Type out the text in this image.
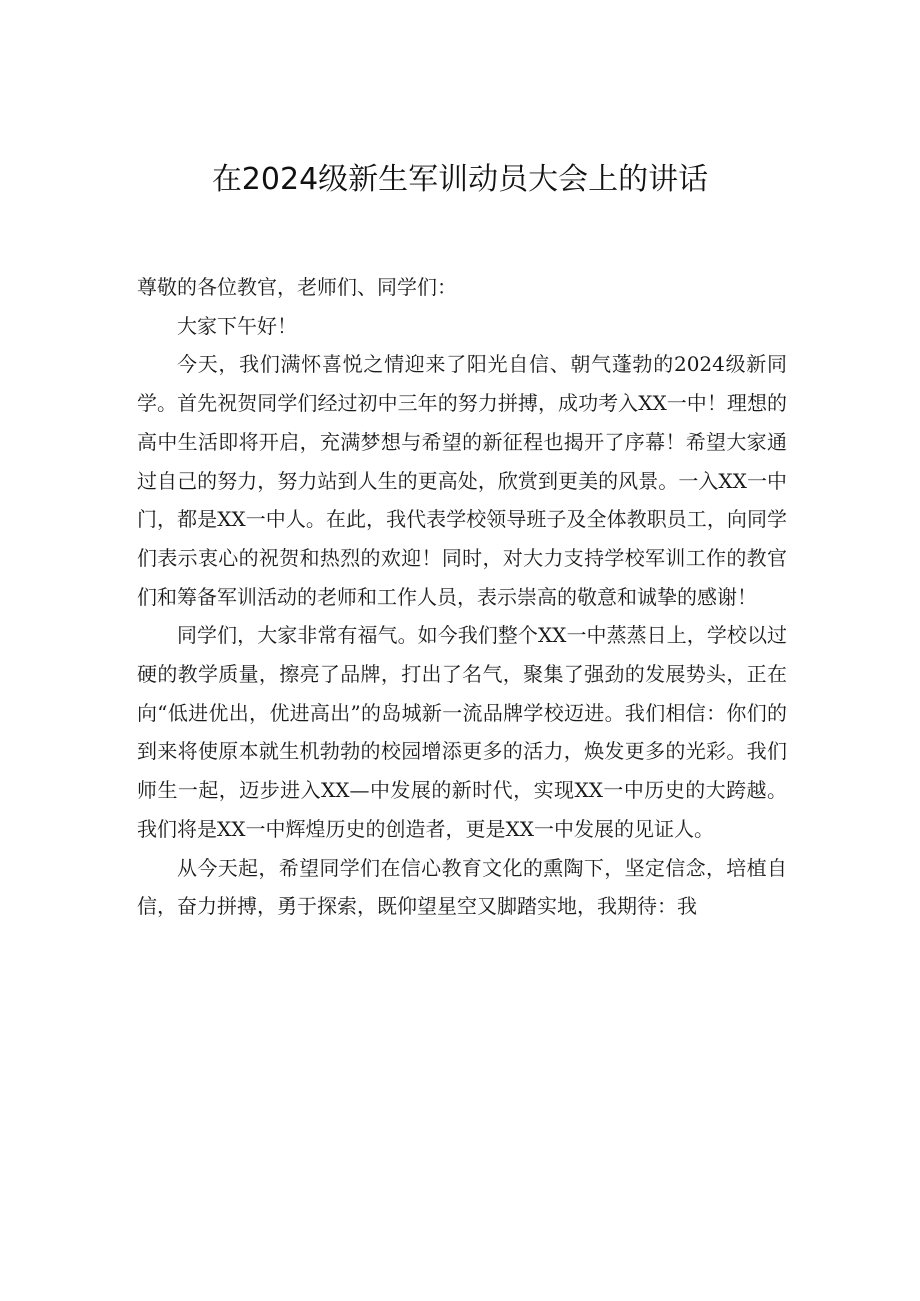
在2024级新生军训动员大会上的讲话

尊敬的各位教官，老师们、同学们：

大家下午好！

今天，我们满怀喜悦之情迎来了阳光自信、朝气蓬勃的2024级新同学。首先祝贺同学们经过初中三年的努力拼搏，成功考入XX一中！理想的高中生活即将开启，充满梦想与希望的新征程也揭开了序幕！希望大家通过自己的努力，努力站到人生的更高处，欣赏到更美的风景。一入XX一中门，都是XX一中人。在此，我代表学校领导班子及全体教职员工，向同学们表示衷心的祝贺和热烈的欢迎！同时，对大力支持学校军训工作的教官们和筹备军训活动的老师和工作人员，表示崇高的敬意和诚挚的感谢！

同学们，大家非常有福气。如今我们整个XX一中蒸蒸日上，学校以过硬的教学质量，擦亮了品牌，打出了名气，聚集了强劲的发展势头，正在向“低进优出，优进高出”的岛城新一流品牌学校迈进。我们相信：你们的到来将使原本就生机勃勃的校园增添更多的活力，焕发更多的光彩。我们师生一起，迈步进入XX—中发展的新时代，实现XX一中历史的大跨越。我们将是XX一中辉煌历史的创造者，更是XX一中发展的见证人。

从今天起，希望同学们在信心教育文化的熏陶下，坚定信念，培植自信，奋力拼搏，勇于探索，既仰望星空又脚踏实地，我期待：我
